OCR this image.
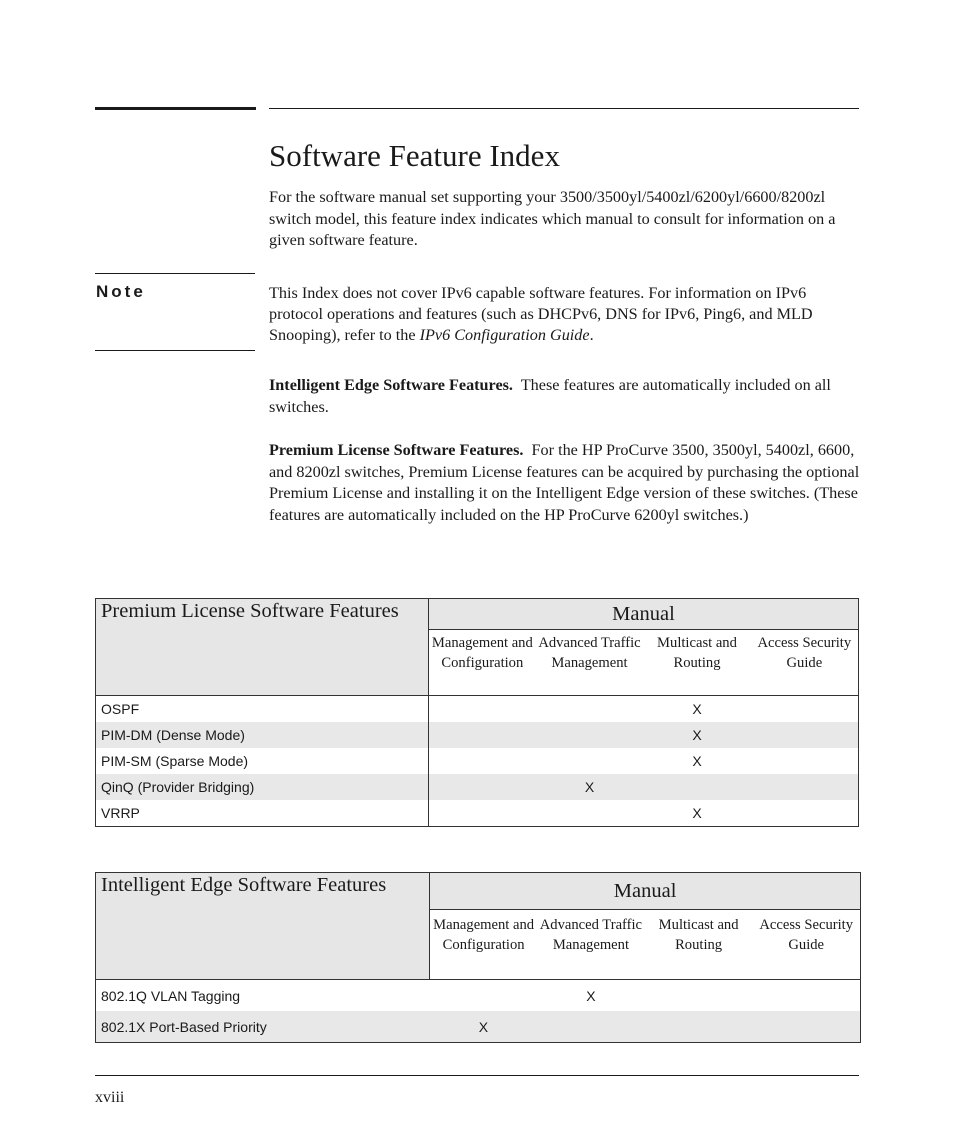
Software Feature Index
For the software manual set supporting your 3500/3500yl/5400zl/6200yl/6600/8200zl switch model, this feature index indicates which manual to consult for information on a given software feature.
Note	This Index does not cover IPv6 capable software features. For information on IPv6 protocol operations and features (such as DHCPv6, DNS for IPv6, Ping6, and MLD Snooping), refer to the IPv6 Configuration Guide.
Intelligent Edge Software Features. These features are automatically included on all switches.
Premium License Software Features. For the HP ProCurve 3500, 3500yl, 5400zl, 6600, and 8200zl switches, Premium License features can be acquired by purchasing the optional Premium License and installing it on the Intelligent Edge version of these switches. (These features are automatically included on the HP ProCurve 6200yl switches.)
Premium License Software Features	Manual			
	Management and Configuration	Advanced Traffic Management	Multicast and Routing	Access Security Guide
OSPF			X	
PIM-DM (Dense Mode)			X	
PIM-SM (Sparse Mode)			X	
QinQ (Provider Bridging)		X		
VRRP			X	
Intelligent Edge Software Features	Manual			
	Management and Configuration	Advanced Traffic Management	Multicast and Routing	Access Security Guide
802.1Q VLAN Tagging		X		
802.1X Port-Based Priority	X			
xviii
